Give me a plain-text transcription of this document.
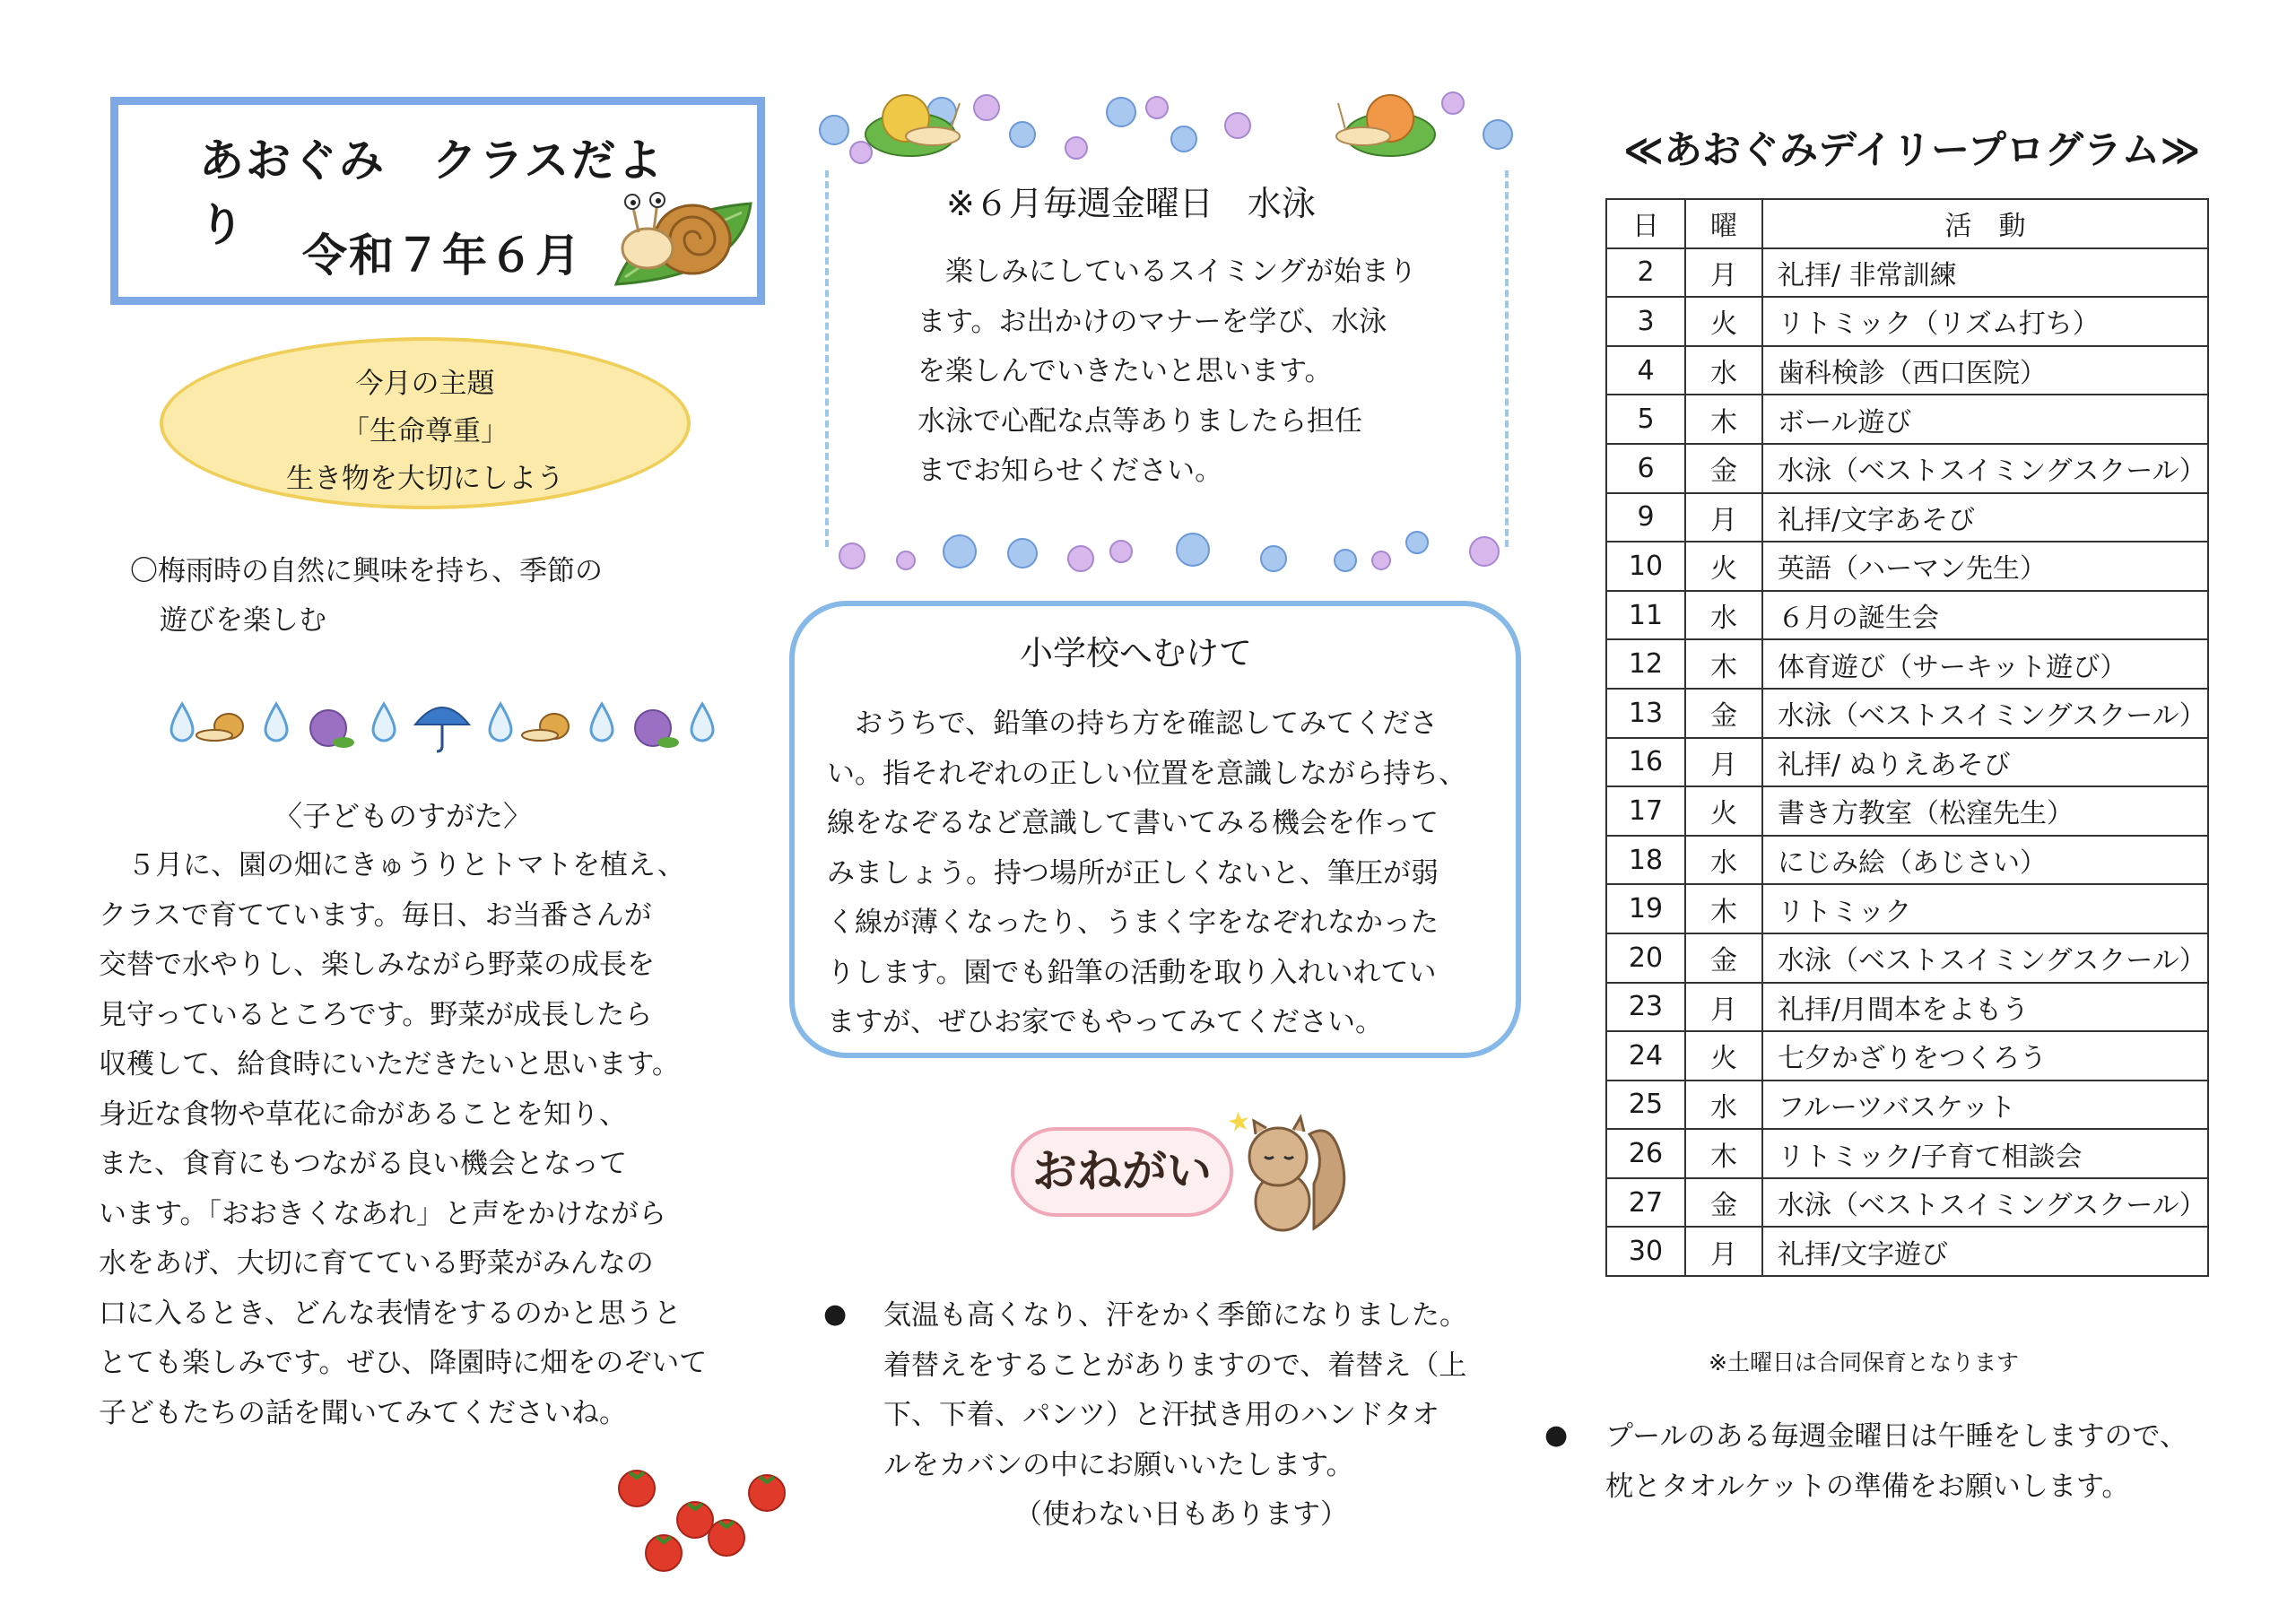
あおぐみ　クラスだより
令和７年６月
今月の主題
「生命尊重」
生き物を大切にしよう
〇梅雨時の自然に興味を持ち、季節の
遊びを楽しむ
〈子どものすがた〉
５月に、園の畑にきゅうりとトマトを植え、
クラスで育てています。毎日、お当番さんが
交替で水やりし、楽しみながら野菜の成長を
見守っているところです。野菜が成長したら
収穫して、給食時にいただきたいと思います。
身近な食物や草花に命があることを知り、
また、食育にもつながる良い機会となって
います。「おおきくなあれ」と声をかけながら
水をあげ、大切に育てている野菜がみんなの
口に入るとき、どんな表情をするのかと思うと
とても楽しみです。ぜひ、降園時に畑をのぞいて
子どもたちの話を聞いてみてくださいね。
※６月毎週金曜日　水泳
　楽しみにしているスイミングが始まり
ます。お出かけのマナーを学び、水泳
を楽しんでいきたいと思います。
水泳で心配な点等ありましたら担任
までお知らせください。
小学校へむけて
　おうちで、鉛筆の持ち方を確認してみてくださ
い。指それぞれの正しい位置を意識しながら持ち、
線をなぞるなど意識して書いてみる機会を作って
みましょう。持つ場所が正しくないと、筆圧が弱
く線が薄くなったり、うまく字をなぞれなかった
りします。園でも鉛筆の活動を取り入れいれてい
ますが、ぜひお家でもやってみてください。
おねがい
● 気温も高くなり、汗をかく季節になりました。
着替えをすることがありますので、着替え（上
下、下着、パンツ）と汗拭き用のハンドタオ
ルをカバンの中にお願いいたします。
（使わない日もあります）
≪あおぐみデイリープログラム≫
日	曜	活　動
2	月	礼拝/ 非常訓練
3	火	リトミック（リズム打ち）
4	水	歯科検診（西口医院）
5	木	ボール遊び
6	金	水泳（ベストスイミングスクール）
9	月	礼拝/文字あそび
10	火	英語（ハーマン先生）
11	水	６月の誕生会
12	木	体育遊び（サーキット遊び）
13	金	水泳（ベストスイミングスクール）
16	月	礼拝/ ぬりえあそび
17	火	書き方教室（松窪先生）
18	水	にじみ絵（あじさい）
19	木	リトミック
20	金	水泳（ベストスイミングスクール）
23	月	礼拝/月間本をよもう
24	火	七夕かざりをつくろう
25	水	フルーツバスケット
26	木	リトミック/子育て相談会
27	金	水泳（ベストスイミングスクール）
30	月	礼拝/文字遊び
※土曜日は合同保育となります
● プールのある毎週金曜日は午睡をしますので、
枕とタオルケットの準備をお願いします。
